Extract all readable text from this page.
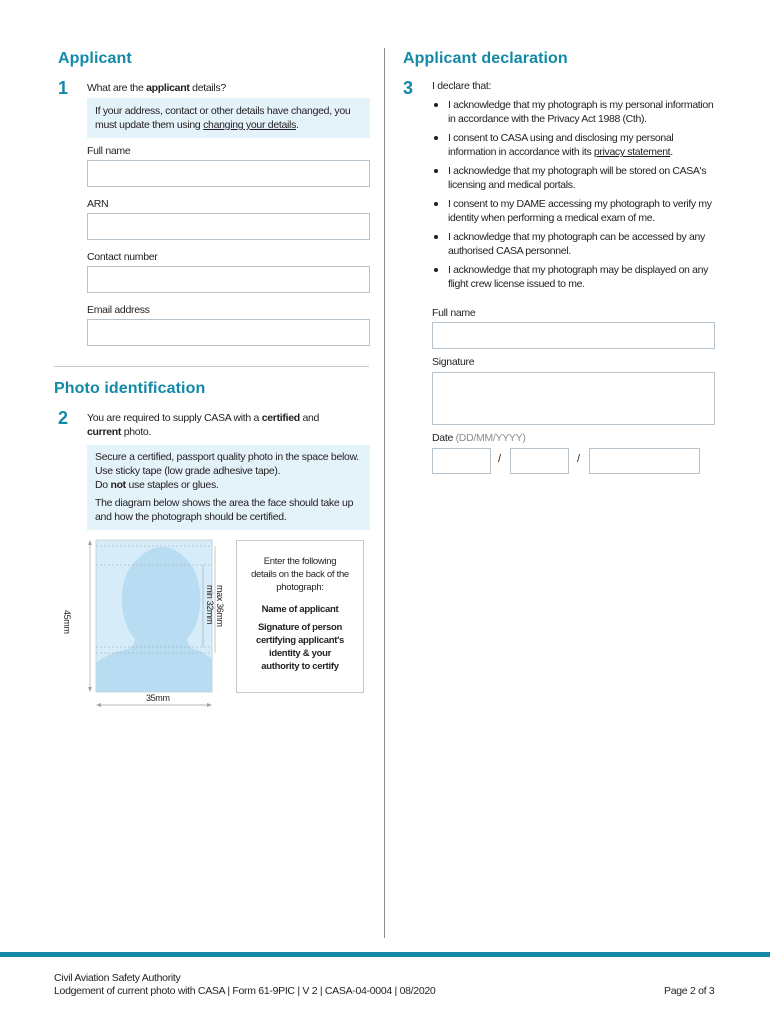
Applicant
1 What are the applicant details?
If your address, contact or other details have changed, you must update them using changing your details.
Full name
ARN
Contact number
Email address
Photo identification
2 You are required to supply CASA with a certified and current photo.
Secure a certified, passport quality photo in the space below.
Use sticky tape (low grade adhesive tape).
Do not use staples or glues.
The diagram below shows the area the face should take up and how the photograph should be certified.
45mm	min 32mm max 36mm
35mm
Enter the following details on the back of the photograph:
Name of applicant
Signature of person certifying applicant's identity & your authority to certify
Applicant declaration
3 I declare that:
I acknowledge that my photograph is my personal information in accordance with the Privacy Act 1988 (Cth).
I consent to CASA using and disclosing my personal information in accordance with its privacy statement.
I acknowledge that my photograph will be stored on CASA's licensing and medical portals.
I consent to my DAME accessing my photograph to verify my identity when performing a medical exam of me.
I acknowledge that my photograph can be accessed by any authorised CASA personnel.
I acknowledge that my photograph may be displayed on any flight crew license issued to me.
Full name
Signature
Date (DD/MM/YYYY)
/	/
Civil Aviation Safety Authority
Lodgement of current photo with CASA | Form 61-9PIC | V 2 | CASA-04-0004 | 08/2020	Page 2 of 3
